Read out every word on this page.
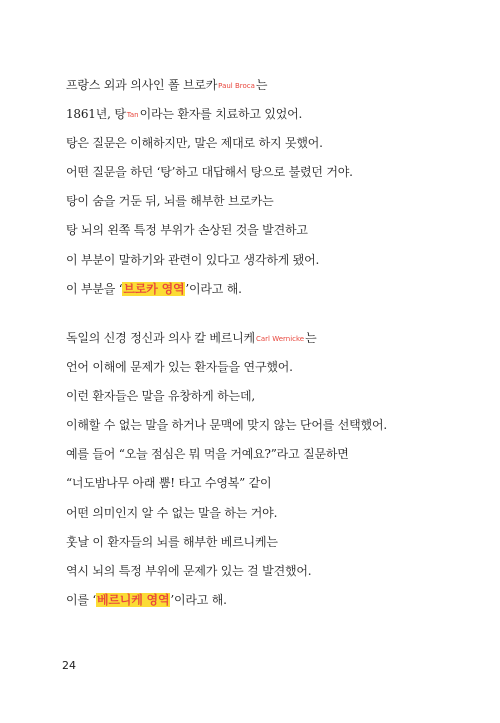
프랑스 외과 의사인 폴 브로카Paul Broca는
1861년, 탕Tan이라는 환자를 치료하고 있었어.
탕은 질문은 이해하지만, 말은 제대로 하지 못했어.
어떤 질문을 하던 ‘탕’하고 대답해서 탕으로 불렸던 거야.
탕이 숨을 거둔 뒤, 뇌를 해부한 브로카는
탕 뇌의 왼쪽 특정 부위가 손상된 것을 발견하고
이 부분이 말하기와 관련이 있다고 생각하게 됐어.
이 부분을 ‘브로카 영역’이라고 해.
독일의 신경 정신과 의사 칼 베르니케Carl Wernicke는
언어 이해에 문제가 있는 환자들을 연구했어.
이런 환자들은 말을 유창하게 하는데,
이해할 수 없는 말을 하거나 문맥에 맞지 않는 단어를 선택했어.
예를 들어 “오늘 점심은 뭐 먹을 거예요?”라고 질문하면
“너도밤나무 아래 뿜! 타고 수영복” 같이
어떤 의미인지 알 수 없는 말을 하는 거야.
훗날 이 환자들의 뇌를 해부한 베르니케는
역시 뇌의 특정 부위에 문제가 있는 걸 발견했어.
이를 ‘베르니케 영역’이라고 해.
24
